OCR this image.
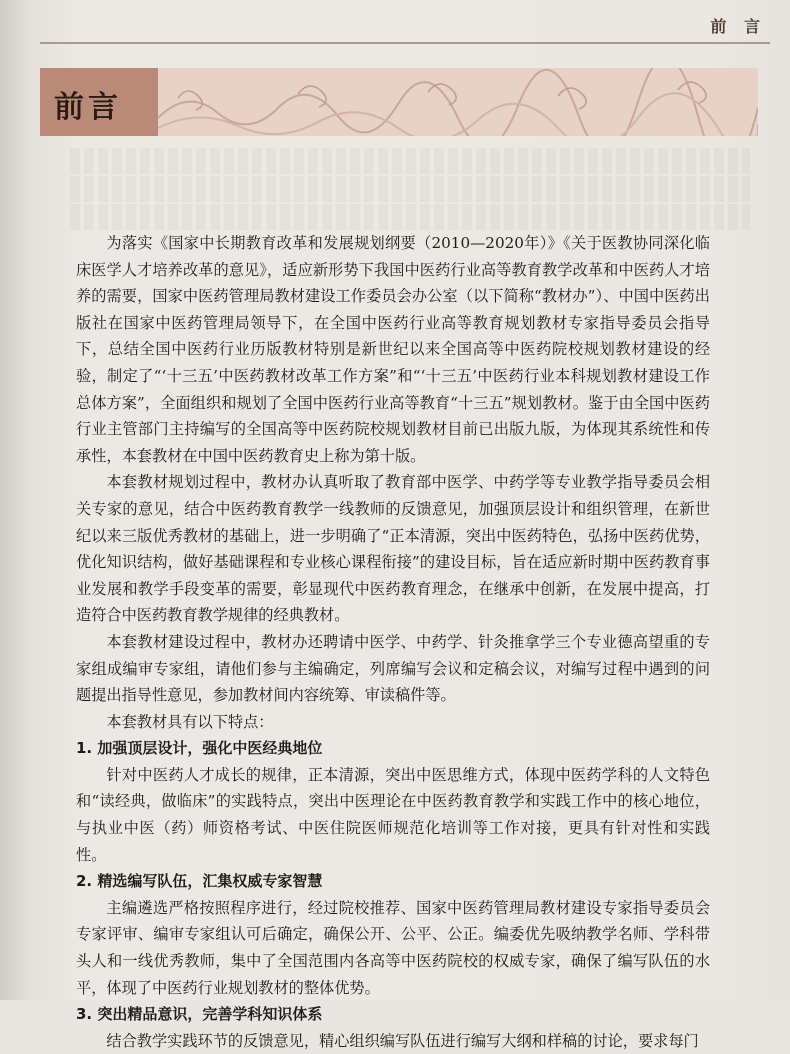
前 言
前言

为落实《国家中长期教育改革和发展规划纲要（2010—2020年）》《关于医教协同深化临床医学人才培养改革的意见》，适应新形势下我国中医药行业高等教育教学改革和中医药人才培养的需要，国家中医药管理局教材建设工作委员会办公室（以下简称“教材办”）、中国中医药出版社在国家中医药管理局领导下，在全国中医药行业高等教育规划教材专家指导委员会指导下，总结全国中医药行业历版教材特别是新世纪以来全国高等中医药院校规划教材建设的经验，制定了“‘十三五’中医药教材改革工作方案”和“‘十三五’中医药行业本科规划教材建设工作总体方案”，全面组织和规划了全国中医药行业高等教育“十三五”规划教材。鉴于由全国中医药行业主管部门主持编写的全国高等中医药院校规划教材目前已出版九版，为体现其系统性和传承性，本套教材在中国中医药教育史上称为第十版。

本套教材规划过程中，教材办认真听取了教育部中医学、中药学等专业教学指导委员会相关专家的意见，结合中医药教育教学一线教师的反馈意见，加强顶层设计和组织管理，在新世纪以来三版优秀教材的基础上，进一步明确了“正本清源，突出中医药特色，弘扬中医药优势，优化知识结构，做好基础课程和专业核心课程衔接”的建设目标，旨在适应新时期中医药教育事业发展和教学手段变革的需要，彰显现代中医药教育理念，在继承中创新，在发展中提高，打造符合中医药教育教学规律的经典教材。

本套教材建设过程中，教材办还聘请中医学、中药学、针灸推拿学三个专业德高望重的专家组成编审专家组，请他们参与主编确定，列席编写会议和定稿会议，对编写过程中遇到的问题提出指导性意见，参加教材间内容统筹、审读稿件等。

本套教材具有以下特点：

1. 加强顶层设计，强化中医经典地位

针对中医药人才成长的规律，正本清源，突出中医思维方式，体现中医药学科的人文特色和“读经典，做临床”的实践特点，突出中医理论在中医药教育教学和实践工作中的核心地位，与执业中医（药）师资格考试、中医住院医师规范化培训等工作对接，更具有针对性和实践性。

2. 精选编写队伍，汇集权威专家智慧

主编遴选严格按照程序进行，经过院校推荐、国家中医药管理局教材建设专家指导委员会专家评审、编审专家组认可后确定，确保公开、公平、公正。编委优先吸纳教学名师、学科带头人和一线优秀教师，集中了全国范围内各高等中医药院校的权威专家，确保了编写队伍的水平，体现了中医药行业规划教材的整体优势。

3. 突出精品意识，完善学科知识体系

结合教学实践环节的反馈意见，精心组织编写队伍进行编写大纲和样稿的讨论，要求每门
